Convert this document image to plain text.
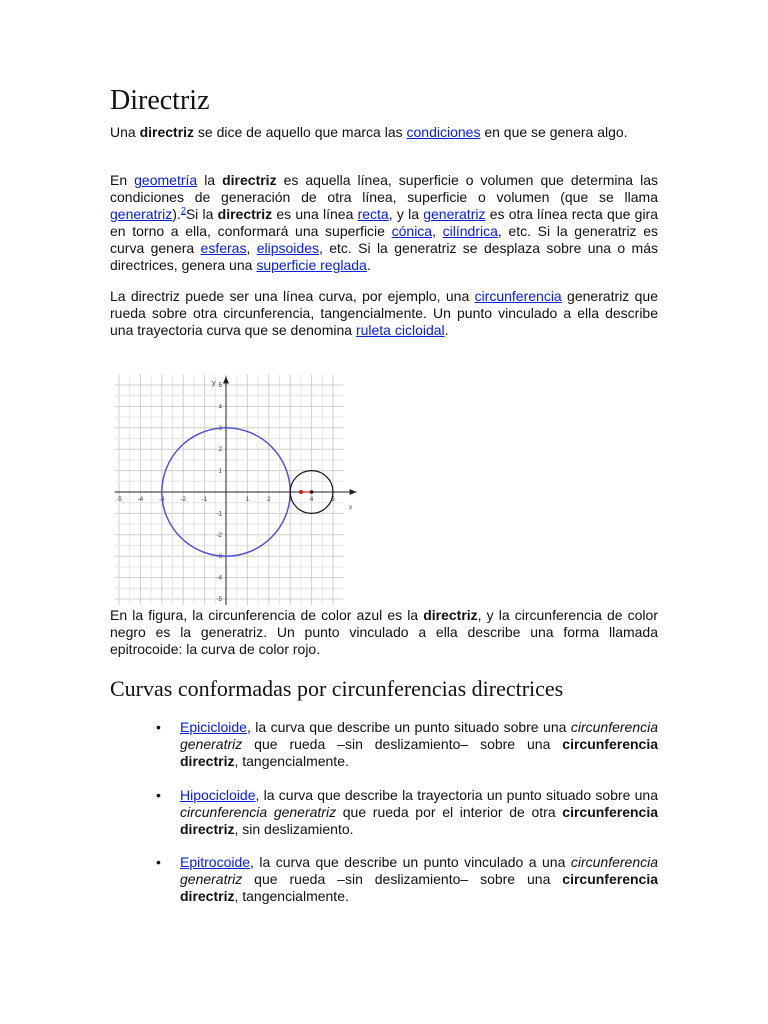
Directriz

Una directriz se dice de aquello que marca las condiciones en que se genera algo.

En geometría la directriz es aquella línea, superficie o volumen que determina las condiciones de generación de otra línea, superficie o volumen (que se llama generatriz).$^2$Si la directriz es una línea recta, y la generatriz es otra línea recta que gira en torno a ella, conformará una superficie cónica, cilíndrica, etc. Si la generatriz es curva genera esferas, elipsoides, etc. Si la generatriz se desplaza sobre una o más directrices, genera una superficie reglada.

La directriz puede ser una línea curva, por ejemplo, una circunferencia generatriz que rueda sobre otra circunferencia, tangencialmente. Un punto vinculado a ella describe una trayectoria curva que se denomina ruleta cicloidal.

-5	-4	-3	-2	-1	1	2	3	4	5
5
4
3
2
1
-1
-2
-3
-4
-5
x
y

En la figura, la circunferencia de color azul es la directriz, y la circunferencia de color negro es la generatriz. Un punto vinculado a ella describe una forma llamada epitrocoide: la curva de color rojo.

Curvas conformadas por circunferencias directrices
• Epicicloide, la curva que describe un punto situado sobre una circunferencia generatriz que rueda –sin deslizamiento– sobre una circunferencia directriz, tangencialmente.
• Hipocicloide, la curva que describe la trayectoria un punto situado sobre una circunferencia generatriz que rueda por el interior de otra circunferencia directriz, sin deslizamiento.
• Epitrocoide, la curva que describe un punto vinculado a una circunferencia generatriz que rueda –sin deslizamiento– sobre una circunferencia directriz, tangencialmente.
